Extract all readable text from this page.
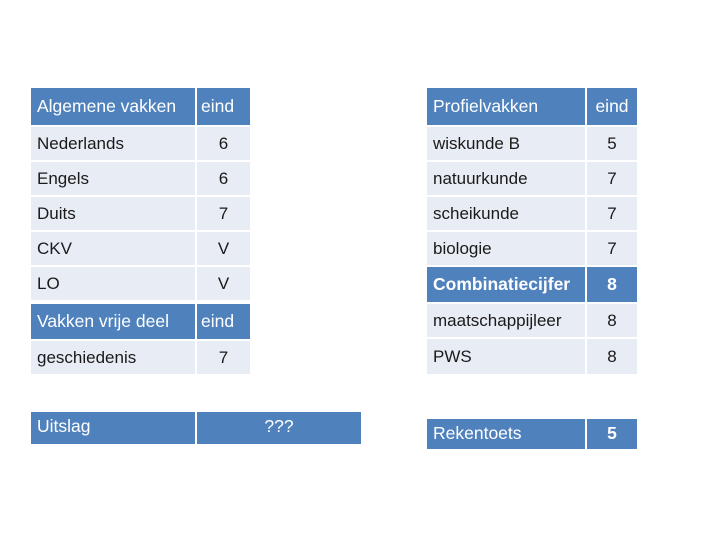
Algemene vakken	eind
Nederlands	6
Engels	6
Duits	7
CKV	V
LO	V
Vakken vrije deel	eind
geschiedenis	7
Uitslag	???
Profielvakken	eind
wiskunde B	5
natuurkunde	7
scheikunde	7
biologie	7
Combinatiecijfer	8
maatschappijleer	8
PWS	8
Rekentoets	5
